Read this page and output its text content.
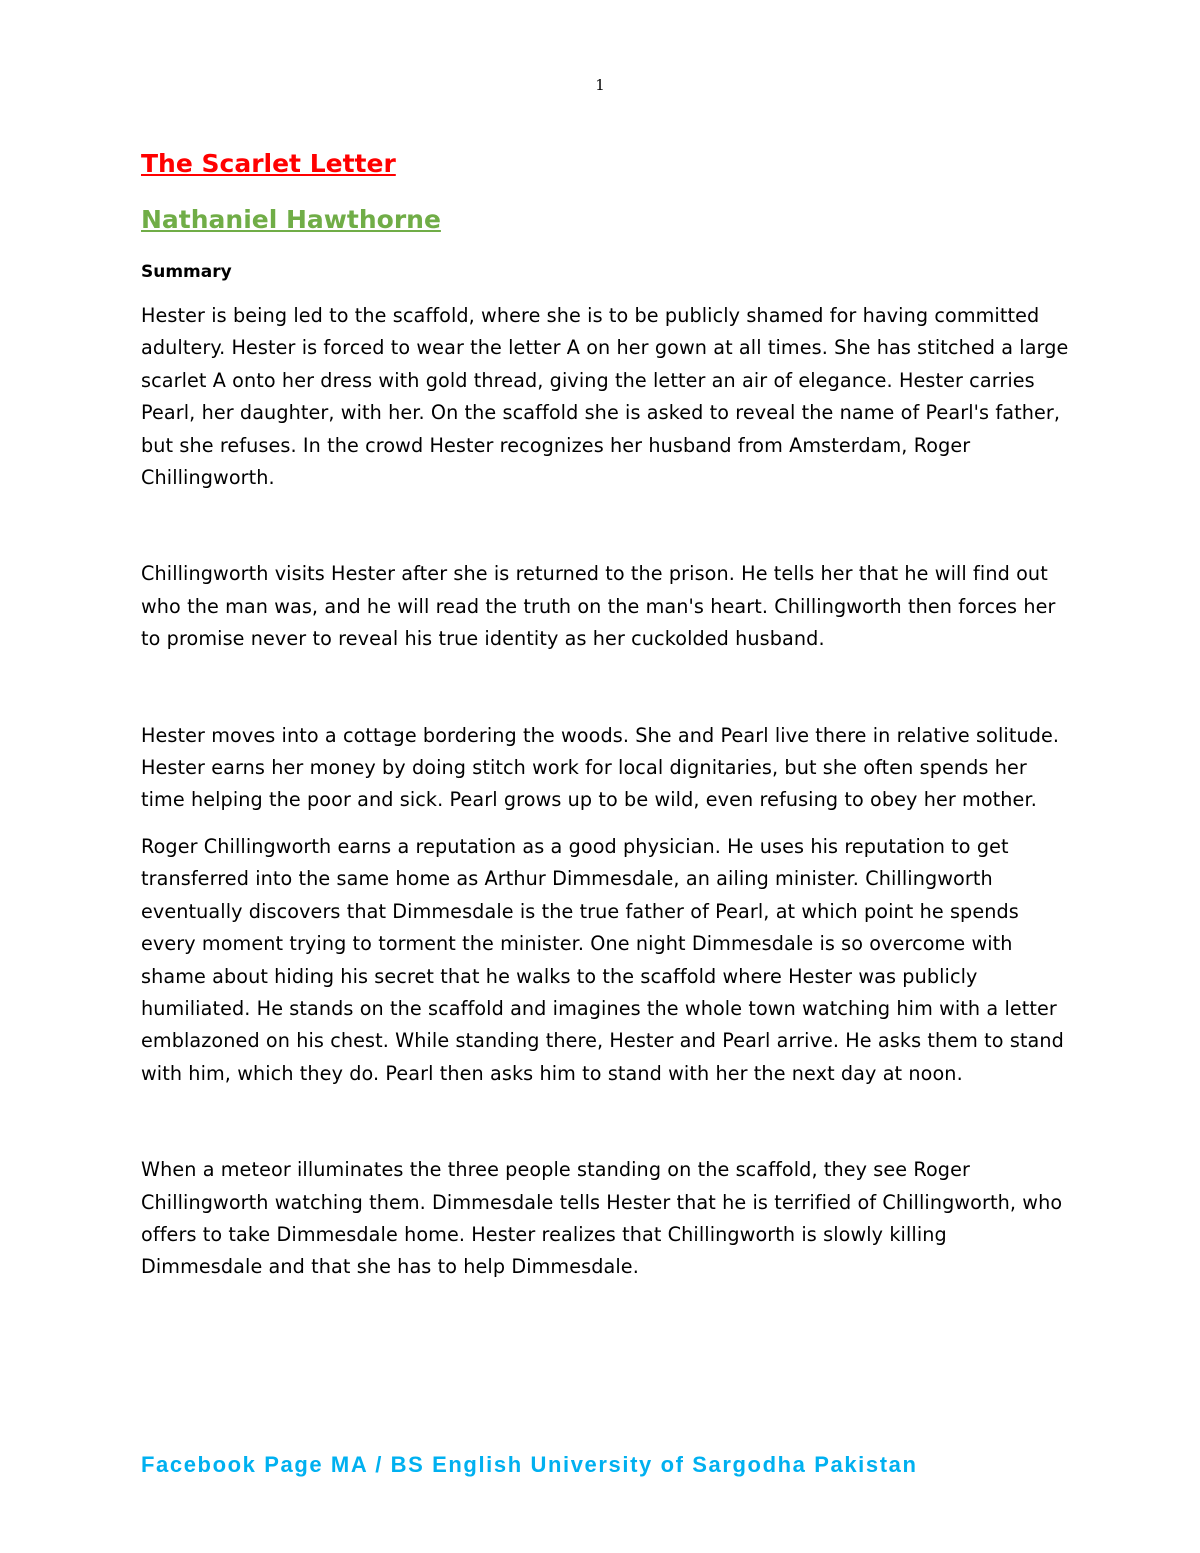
1
The Scarlet Letter
Nathaniel Hawthorne
Summary

Hester is being led to the scaffold, where she is to be publicly shamed for having committed adultery. Hester is forced to wear the letter A on her gown at all times. She has stitched a large scarlet A onto her dress with gold thread, giving the letter an air of elegance. Hester carries Pearl, her daughter, with her. On the scaffold she is asked to reveal the name of Pearl's father, but she refuses. In the crowd Hester recognizes her husband from Amsterdam, Roger Chillingworth.

Chillingworth visits Hester after she is returned to the prison. He tells her that he will find out who the man was, and he will read the truth on the man's heart. Chillingworth then forces her to promise never to reveal his true identity as her cuckolded husband.

Hester moves into a cottage bordering the woods. She and Pearl live there in relative solitude. Hester earns her money by doing stitch work for local dignitaries, but she often spends her time helping the poor and sick. Pearl grows up to be wild, even refusing to obey her mother.

Roger Chillingworth earns a reputation as a good physician. He uses his reputation to get transferred into the same home as Arthur Dimmesdale, an ailing minister. Chillingworth eventually discovers that Dimmesdale is the true father of Pearl, at which point he spends every moment trying to torment the minister. One night Dimmesdale is so overcome with shame about hiding his secret that he walks to the scaffold where Hester was publicly humiliated. He stands on the scaffold and imagines the whole town watching him with a letter emblazoned on his chest. While standing there, Hester and Pearl arrive. He asks them to stand with him, which they do. Pearl then asks him to stand with her the next day at noon.

When a meteor illuminates the three people standing on the scaffold, they see Roger Chillingworth watching them. Dimmesdale tells Hester that he is terrified of Chillingworth, who offers to take Dimmesdale home. Hester realizes that Chillingworth is slowly killing Dimmesdale and that she has to help Dimmesdale.

Facebook Page MA / BS English University of Sargodha Pakistan
